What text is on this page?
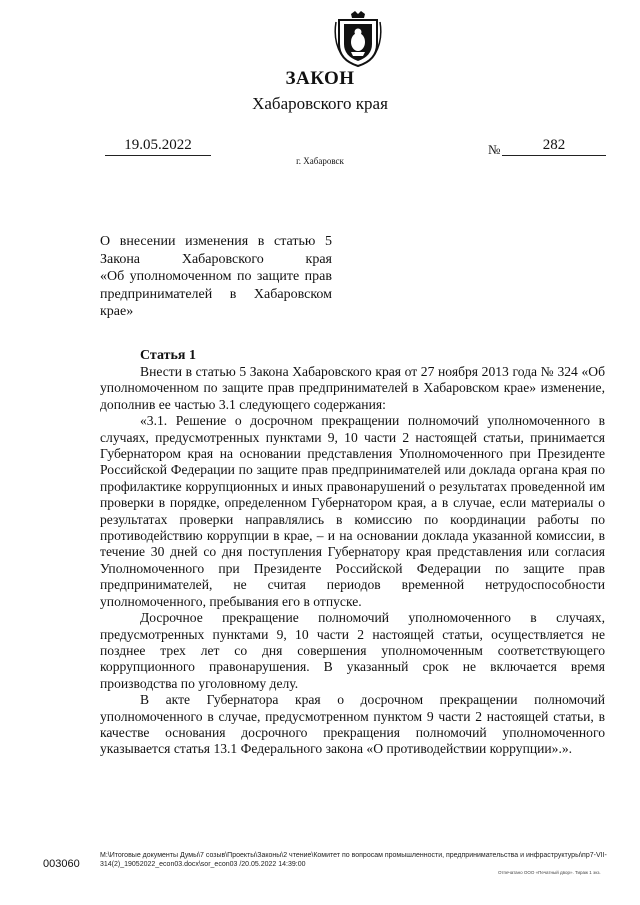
ЗАКОН
Хабаровского края
19.05.2022	№	282
г. Хабаровск
О внесении изменения в статью 5
Закона Хабаровского края
«Об уполномоченном по защите прав
предпринимателей в Хабаровском
крае»
Статья 1

Внести в статью 5 Закона Хабаровского края от 27 ноября 2013 года № 324 «Об уполномоченном по защите прав предпринимателей в Хабаровском крае» изменение, дополнив ее частью 3.1 следующего содержания:

«3.1. Решение о досрочном прекращении полномочий уполномоченного в случаях, предусмотренных пунктами 9, 10 части 2 настоящей статьи, принимается Губернатором края на основании представления Уполномоченного при Президенте Российской Федерации по защите прав предпринимателей или доклада органа края по профилактике коррупционных и иных правонарушений о результатах проведенной им проверки в порядке, определенном Губернатором края, а в случае, если материалы о результатах проверки направлялись в комиссию по координации работы по противодействию коррупции в крае, – и на основании доклада указанной комиссии, в течение 30 дней со дня поступления Губернатору края представления или согласия Уполномоченного при Президенте Российской Федерации по защите прав предпринимателей, не считая периодов временной нетрудоспособности уполномоченного, пребывания его в отпуске.

Досрочное прекращение полномочий уполномоченного в случаях, предусмотренных пунктами 9, 10 части 2 настоящей статьи, осуществляется не позднее трех лет со дня совершения уполномоченным соответствующего коррупционного правонарушения. В указанный срок не включается время производства по уголовному делу.

В акте Губернатора края о досрочном прекращении полномочий уполномоченного в случае, предусмотренном пунктом 9 части 2 настоящей статьи, в качестве основания досрочного прекращения полномочий уполномоченного указывается статья 13.1 Федерального закона «О противодействии коррупции».».

003060
M:\Итоговые документы Думы\7 созыв\Проекты\Законы\2 чтение\Комитет по вопросам промышленности, предпринимательства и инфраструктуры\пр7-VII-314(2)_19052022_econ03.docx\sor_econ03 /20.05.2022 14:39:00
Отпечатано ООО «Печатный двор». Тираж 1 экз.
